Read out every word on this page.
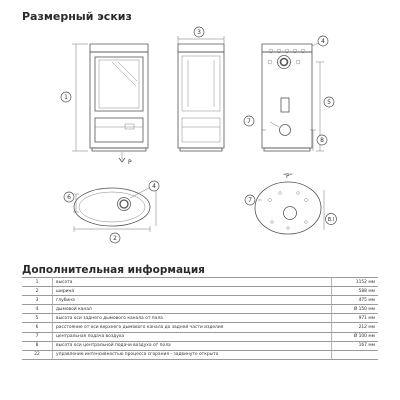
Размерный эскиз
1
3
4
5
7
8
P
6
4
2
“P”
7
B.I
Дополнительная информация
1	высота	1152 мм
2	ширина	588 мм
3	глубина	475 мм
4	дымовой канал	Ø 150 мм
5	высота оси заднего дымового канала от пола	971 мм
6	расстояние от оси верхнего дымового канала до задней части изделия	212 мм
7	центральная подача воздуха	Ø 100 мм
8	высота оси центральной подачи воздуха от пола	167 мм
22	управление интенсивностью процесса сгорания - задвинуто открыто	
